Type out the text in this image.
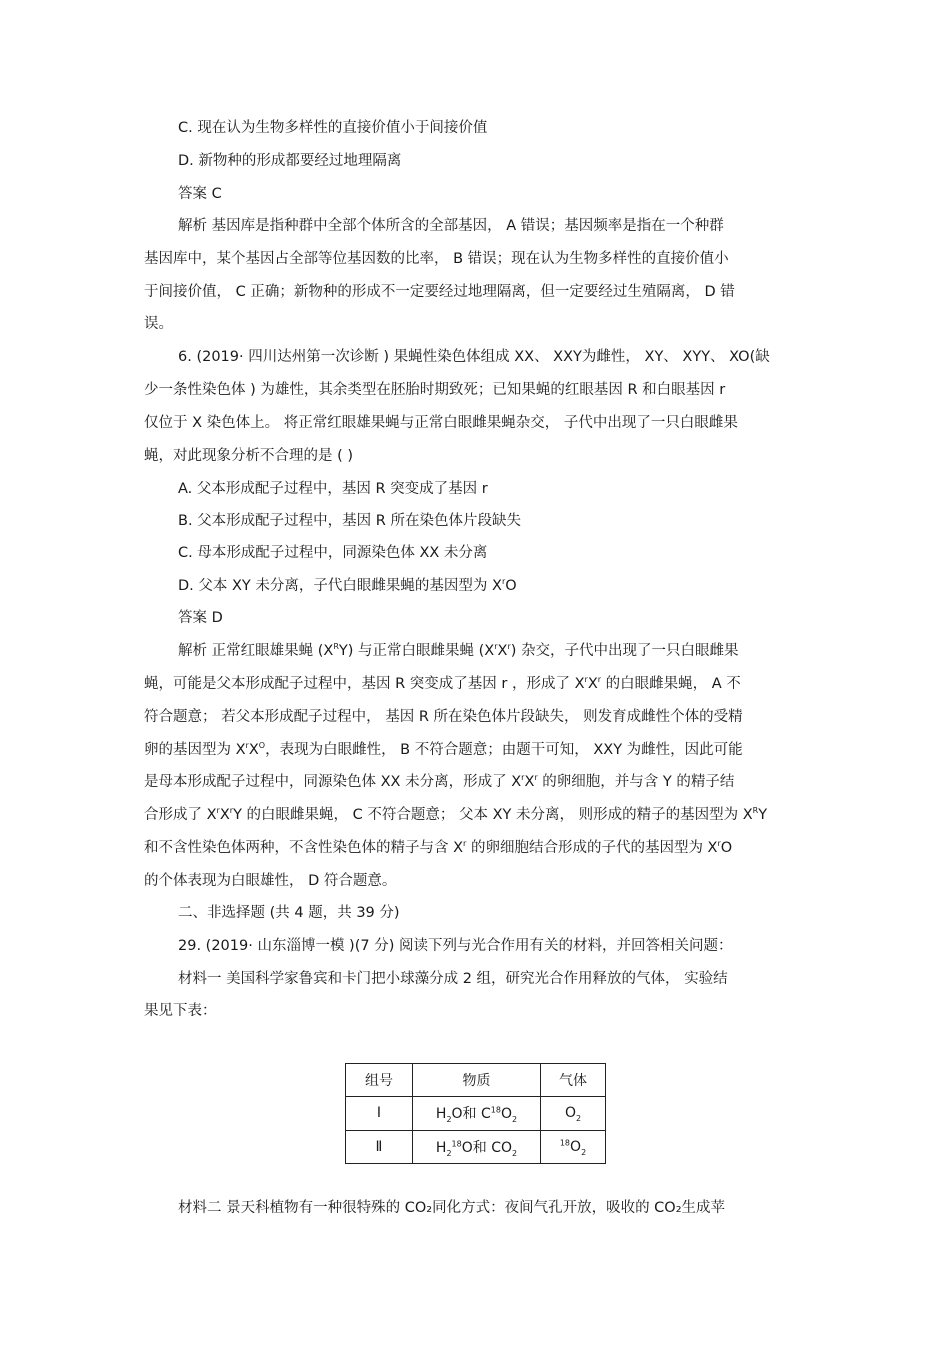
C. 现在认为生物多样性的直接价值小于间接价值
D. 新物种的形成都要经过地理隔离
答案 C
解析 基因库是指种群中全部个体所含的全部基因， A 错误；基因频率是指在一个种群
基因库中，某个基因占全部等位基因数的比率， B 错误；现在认为生物多样性的直接价值小
于间接价值， C 正确；新物种的形成不一定要经过地理隔离，但一定要经过生殖隔离， D 错
误。
6. (2019· 四川达州第一次诊断 ) 果蝇性染色体组成 XX、 XXY为雌性， XY、 XYY、 XO(缺
少一条性染色体 ) 为雄性，其余类型在胚胎时期致死；已知果蝇的红眼基因 R 和白眼基因 r
仅位于 X 染色体上。 将正常红眼雄果蝇与正常白眼雌果蝇杂交， 子代中出现了一只白眼雌果
蝇，对此现象分析不合理的是 ( )
A. 父本形成配子过程中，基因 R 突变成了基因 r
B. 父本形成配子过程中，基因 R 所在染色体片段缺失
C. 母本形成配子过程中，同源染色体 XX 未分离
D. 父本 XY 未分离，子代白眼雌果蝇的基因型为 $X^rO$
答案 D
解析 正常红眼雄果蝇 $(X^RY)$ 与正常白眼雌果蝇 $(X^rX^r)$ 杂交，子代中出现了一只白眼雌果
蝇，可能是父本形成配子过程中，基因 R 突变成了基因 r ，形成了 $X^rX^r$ 的白眼雌果蝇， A 不
符合题意； 若父本形成配子过程中， 基因 R 所在染色体片段缺失， 则发育成雌性个体的受精
卵的基因型为 $X^rX^O$，表现为白眼雌性， B 不符合题意；由题干可知， XXY 为雌性，因此可能
是母本形成配子过程中，同源染色体 XX 未分离，形成了 $X^rX^r$ 的卵细胞，并与含 Y 的精子结
合形成了 $X^rX^rY$ 的白眼雌果蝇， C 不符合题意； 父本 XY 未分离， 则形成的精子的基因型为 $X^RY$
和不含性染色体两种，不含性染色体的精子与含 $X^r$ 的卵细胞结合形成的子代的基因型为 $X^rO$
的个体表现为白眼雄性， D 符合题意。
二、非选择题 (共 4 题，共 39 分)
29. (2019· 山东淄博一模 )(7 分) 阅读下列与光合作用有关的材料，并回答相关问题：
材料一 美国科学家鲁宾和卡门把小球藻分成 2 组，研究光合作用释放的气体， 实验结
果见下表：
组号	物质	气体
Ⅰ	$H_2O$和 $C^{18}O_2$	$O_2$
Ⅱ	$H_2^{18}O$和 $CO_2$	$^{18}O_2$
材料二 景天科植物有一种很特殊的 CO₂同化方式：夜间气孔开放，吸收的 CO₂生成苹
